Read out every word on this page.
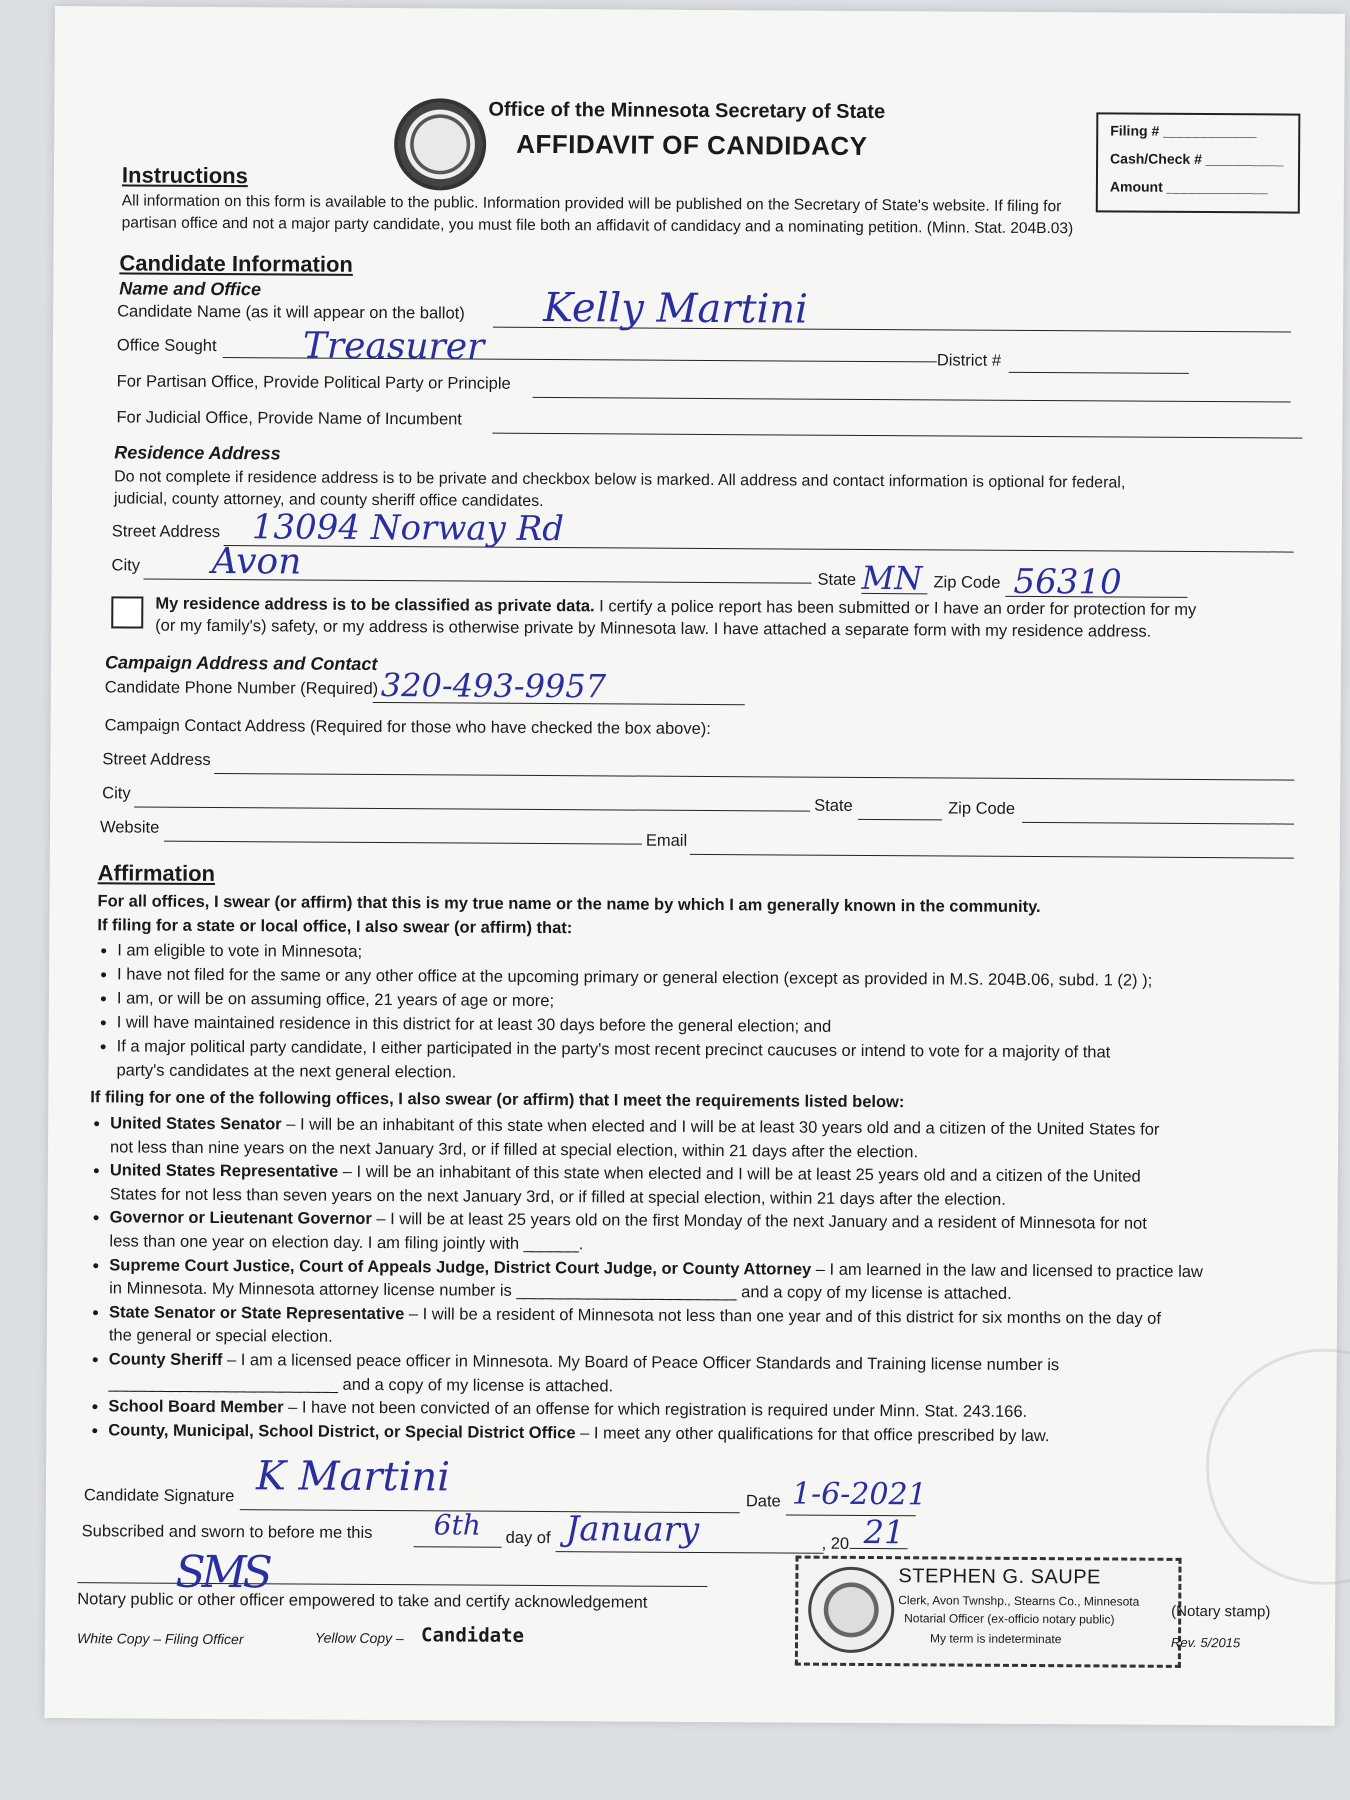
Office of the Minnesota Secretary of State
AFFIDAVIT OF CANDIDACY	Filing # ____________
Cash/Check # __________
Amount _____________
Instructions
All information on this form is available to the public. Information provided will be published on the Secretary of State's website. If filing for
partisan office and not a major party candidate, you must file both an affidavit of candidacy and a nominating petition. (Minn. Stat. 204B.03)
Candidate Information
Name and Office
Candidate Name (as it will appear on the ballot) Kelly Martini
Office Sought Treasurer	District #
For Partisan Office, Provide Political Party or Principle
For Judicial Office, Provide Name of Incumbent
Residence Address
Do not complete if residence address is to be private and checkbox below is marked. All address and contact information is optional for federal,
judicial, county attorney, and county sheriff office candidates.
Street Address 13094 Norway Rd
City Avon	State MN Zip Code 56310
My residence address is to be classified as private data. I certify a police report has been submitted or I have an order for protection for my
(or my family's) safety, or my address is otherwise private by Minnesota law. I have attached a separate form with my residence address.
Campaign Address and Contact
Candidate Phone Number (Required) 320-493-9957
Campaign Contact Address (Required for those who have checked the box above):
Street Address
City
State	Zip Code
Website
Email
Affirmation
For all offices, I swear (or affirm) that this is my true name or the name by which I am generally known in the community.
If filing for a state or local office, I also swear (or affirm) that:
• I am eligible to vote in Minnesota;
• I have not filed for the same or any other office at the upcoming primary or general election (except as provided in M.S. 204B.06, subd. 1 (2) );
• I am, or will be on assuming office, 21 years of age or more;
• I will have maintained residence in this district for at least 30 days before the general election; and
• If a major political party candidate, I either participated in the party's most recent precinct caucuses or intend to vote for a majority of that
party's candidates at the next general election.
If filing for one of the following offices, I also swear (or affirm) that I meet the requirements listed below:
• United States Senator – I will be an inhabitant of this state when elected and I will be at least 30 years old and a citizen of the United States for
not less than nine years on the next January 3rd, or if filled at special election, within 21 days after the election.
• United States Representative – I will be an inhabitant of this state when elected and I will be at least 25 years old and a citizen of the United
States for not less than seven years on the next January 3rd, or if filled at special election, within 21 days after the election.
• Governor or Lieutenant Governor – I will be at least 25 years old on the first Monday of the next January and a resident of Minnesota for not
less than one year on election day. I am filing jointly with ______.
• Supreme Court Justice, Court of Appeals Judge, District Court Judge, or County Attorney – I am learned in the law and licensed to practice law
in Minnesota. My Minnesota attorney license number is ________________________ and a copy of my license is attached.
• State Senator or State Representative – I will be a resident of Minnesota not less than one year and of this district for six months on the day of
the general or special election.
• County Sheriff – I am a licensed peace officer in Minnesota. My Board of Peace Officer Standards and Training license number is
_________________________ and a copy of my license is attached.
• School Board Member – I have not been convicted of an offense for which registration is required under Minn. Stat. 243.166.
• County, Municipal, School District, or Special District Office – I meet any other qualifications for that office prescribed by law.
Candidate Signature K Martini
Date 1-6-2021
Subscribed and sworn to before me this 6th day of January	, 20 21
SMS
Notary public or other officer empowered to take and certify acknowledgement
STEPHEN G. SAUPE
Clerk, Avon Twnshp., Stearns Co., Minnesota
Notarial Officer (ex-officio notary public)
My term is indeterminate
(Notary stamp)
Rev. 5/2015
White Copy – Filing Officer	Yellow Copy – Candidate
